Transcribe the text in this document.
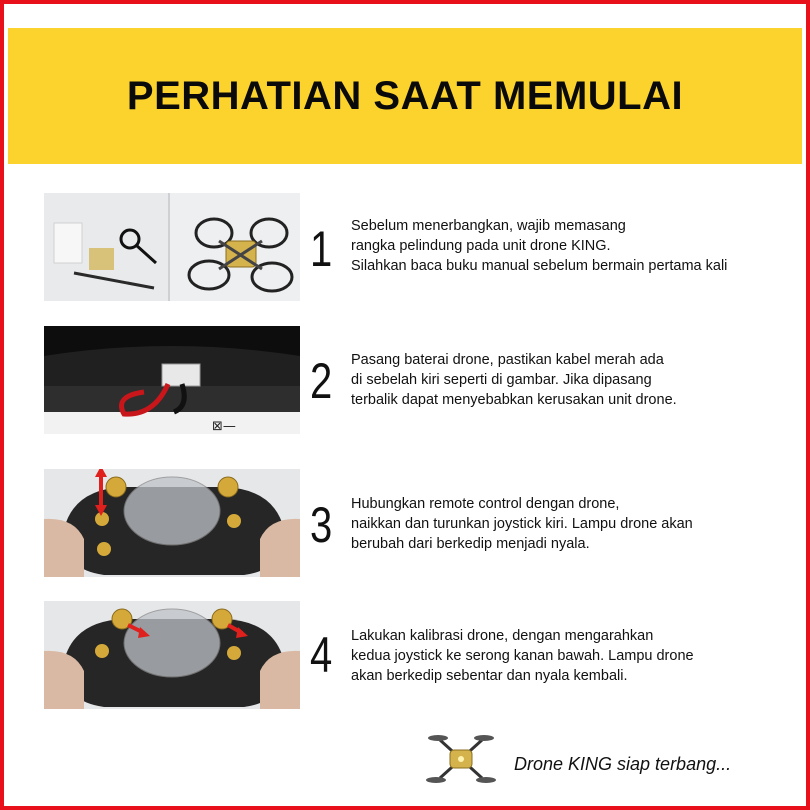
PERHATIAN SAAT MEMULAI
1	Sebelum menerbangkan, wajib memasang
rangka pelindung pada unit drone KING.
Silahkan baca buku manual sebelum bermain pertama kali
⊠—
2	Pasang baterai drone, pastikan kabel merah ada
di sebelah kiri seperti di gambar. Jika dipasang
terbalik dapat menyebabkan kerusakan unit drone.
3	Hubungkan remote control dengan drone,
naikkan dan turunkan joystick kiri. Lampu drone akan
berubah dari berkedip menjadi nyala.
4	Lakukan kalibrasi drone, dengan mengarahkan
kedua joystick ke serong kanan bawah. Lampu drone
akan berkedip sebentar dan nyala kembali.
Drone KING siap terbang...
